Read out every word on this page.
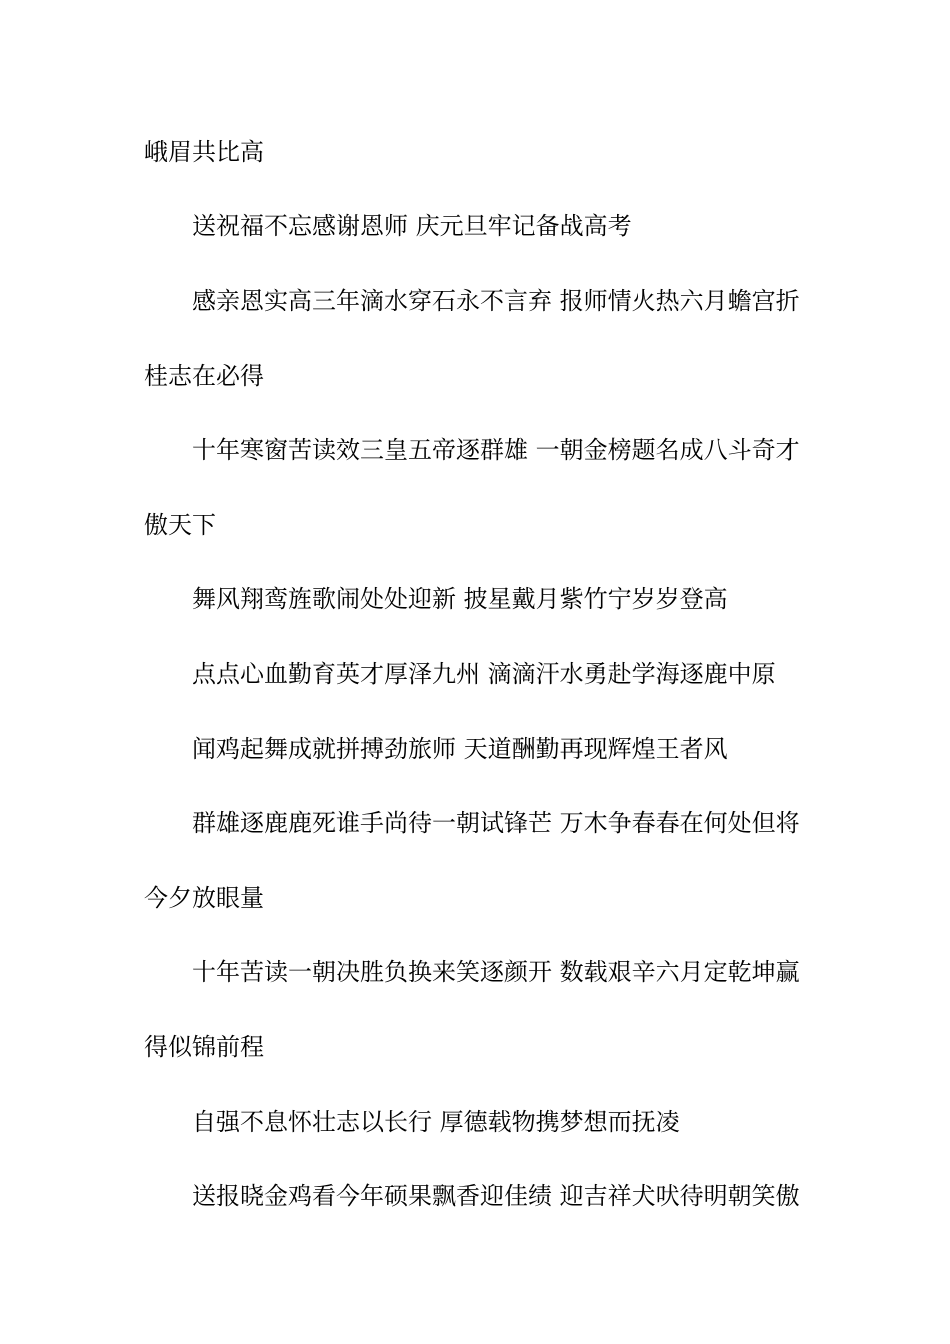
峨眉共比高
送祝福不忘感谢恩师 庆元旦牢记备战高考
感亲恩实高三年滴水穿石永不言弃 报师情火热六月蟾宫折
桂志在必得
十年寒窗苦读效三皇五帝逐群雄 一朝金榜题名成八斗奇才
傲天下
舞风翔鸾旌歌闹处处迎新 披星戴月紫竹宁岁岁登高
点点心血勤育英才厚泽九州 滴滴汗水勇赴学海逐鹿中原
闻鸡起舞成就拼搏劲旅师 天道酬勤再现辉煌王者风
群雄逐鹿鹿死谁手尚待一朝试锋芒 万木争春春在何处但将
今夕放眼量
十年苦读一朝决胜负换来笑逐颜开 数载艰辛六月定乾坤赢
得似锦前程
自强不息怀壮志以长行 厚德载物携梦想而抚凌
送报晓金鸡看今年硕果飘香迎佳绩 迎吉祥犬吠待明朝笑傲
